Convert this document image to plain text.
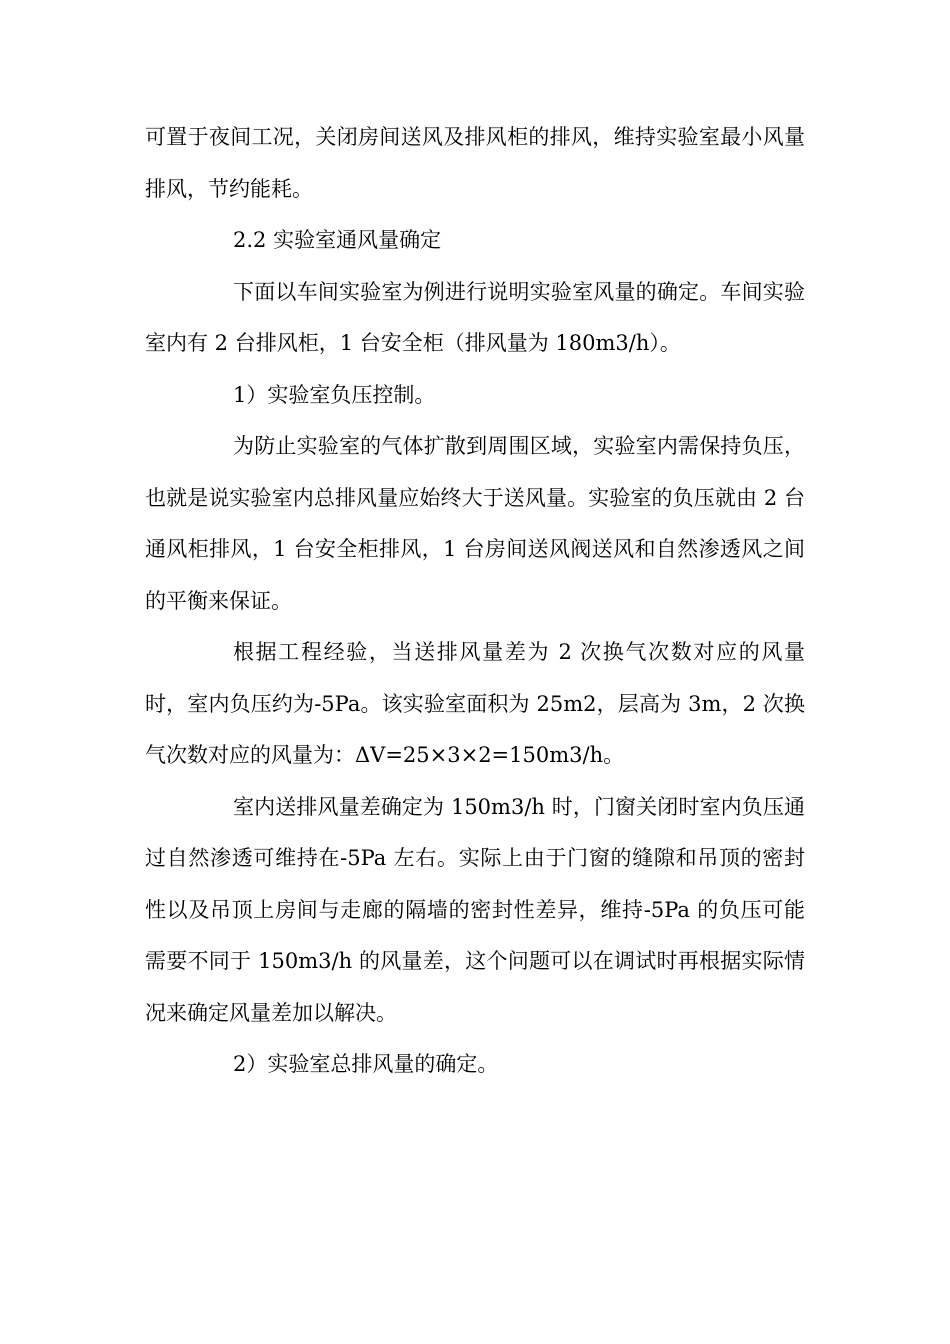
可置于夜间工况，关闭房间送风及排风柜的排风，维持实验室最小风量排风，节约能耗。

2.2 实验室通风量确定

下面以车间实验室为例进行说明实验室风量的确定。车间实验室内有 2 台排风柜，1 台安全柜（排风量为 180m3/h）。

1）实验室负压控制。

为防止实验室的气体扩散到周围区域，实验室内需保持负压，也就是说实验室内总排风量应始终大于送风量。实验室的负压就由 2 台通风柜排风，1 台安全柜排风，1 台房间送风阀送风和自然渗透风之间的平衡来保证。

根据工程经验，当送排风量差为 2 次换气次数对应的风量时，室内负压约为-5Pa。该实验室面积为 25m2，层高为 3m，2 次换气次数对应的风量为：ΔV=25×3×2=150m3/h。

室内送排风量差确定为 150m3/h 时，门窗关闭时室内负压通过自然渗透可维持在-5Pa 左右。实际上由于门窗的缝隙和吊顶的密封性以及吊顶上房间与走廊的隔墙的密封性差异，维持-5Pa 的负压可能需要不同于 150m3/h 的风量差，这个问题可以在调试时再根据实际情况来确定风量差加以解决。

2）实验室总排风量的确定。
